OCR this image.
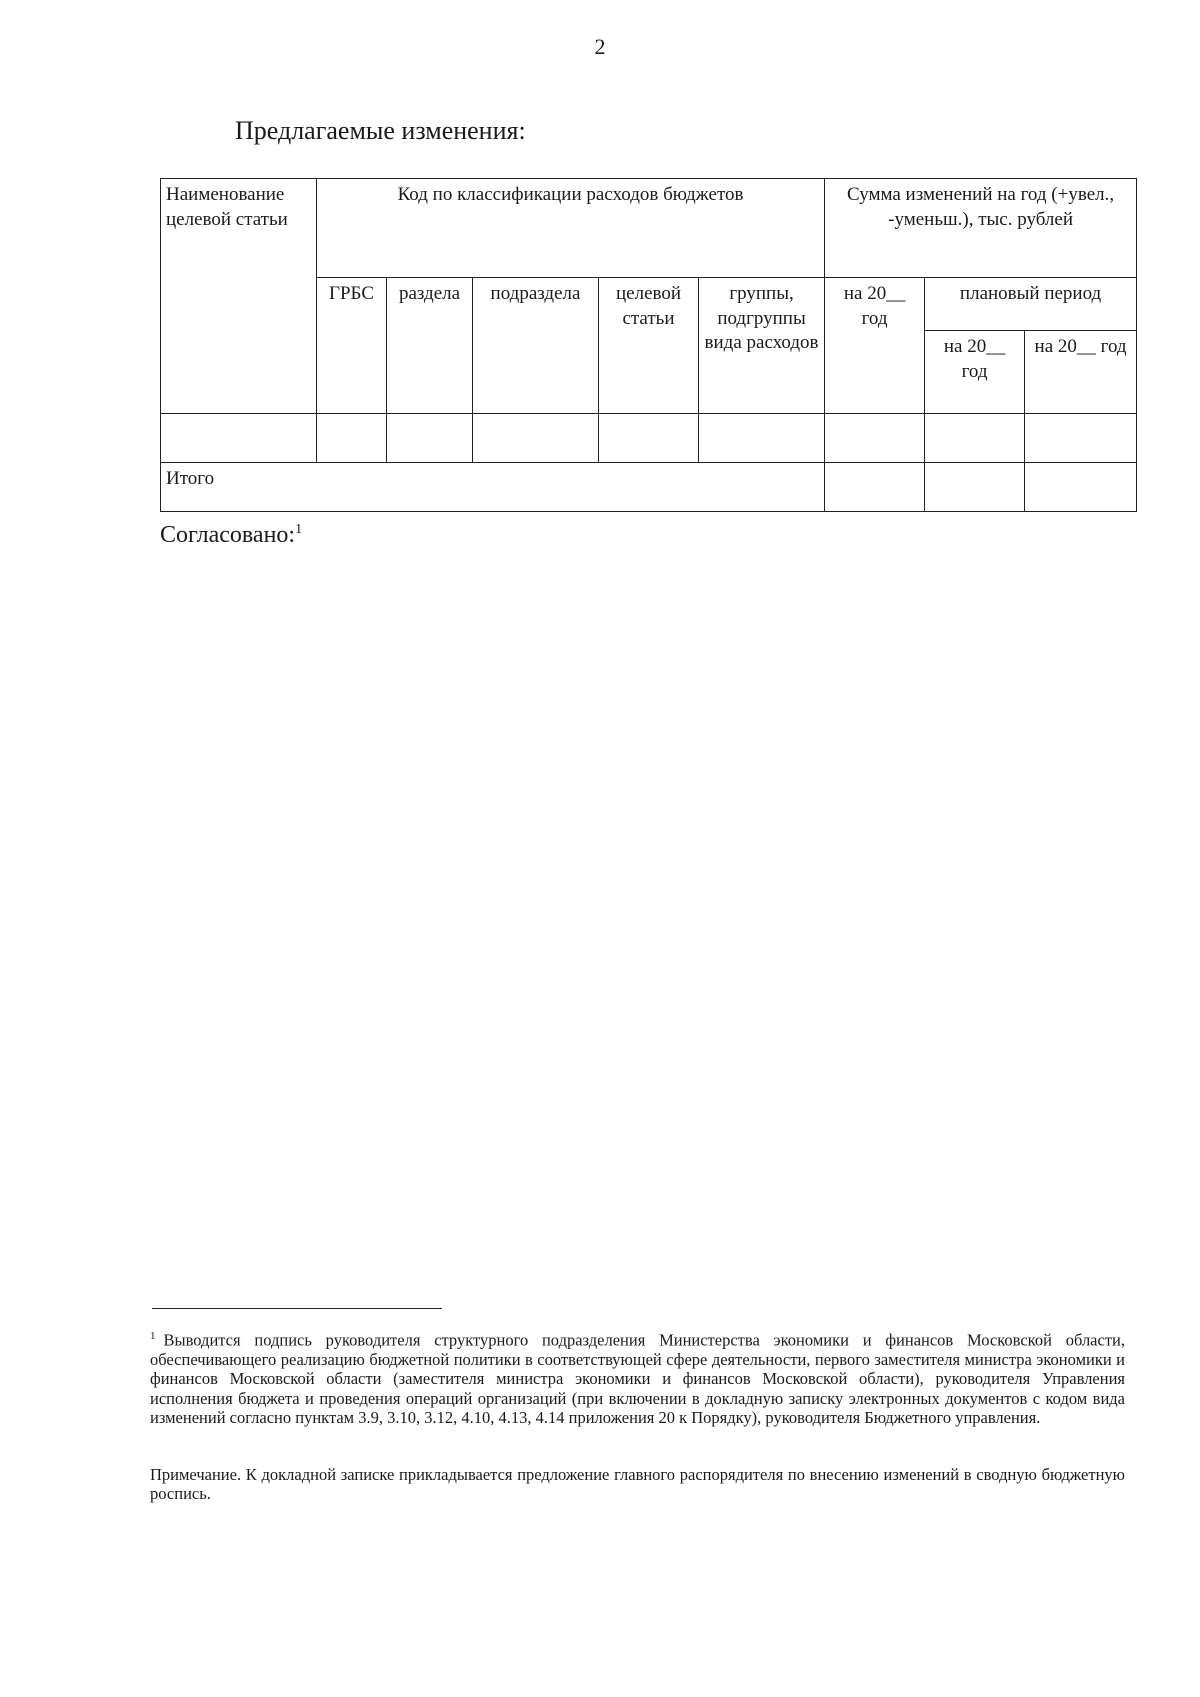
2
Предлагаемые изменения:
Наименование целевой статьи	Код по классификации расходов бюджетов					Сумма изменений на год (+увел., -уменьш.), тыс. рублей		
	ГРБС	раздела	подраздела	целевой статьи	группы, подгруппы вида расходов	на 20__ год	плановый период	
							на 20__ год	на 20__ год

Итого								
Согласовано:$^1$
$^1$ Выводится подпись руководителя структурного подразделения Министерства экономики и финансов Московской области, обеспечивающего реализацию бюджетной политики в соответствующей сфере деятельности, первого заместителя министра экономики и финансов Московской области (заместителя министра экономики и финансов Московской области), руководителя Управления исполнения бюджета и проведения операций организаций (при включении в докладную записку электронных документов с кодом вида изменений согласно пунктам 3.9, 3.10, 3.12, 4.10, 4.13, 4.14 приложения 20 к Порядку), руководителя Бюджетного управления.
Примечание. К докладной записке прикладывается предложение главного распорядителя по внесению изменений в сводную бюджетную роспись.
